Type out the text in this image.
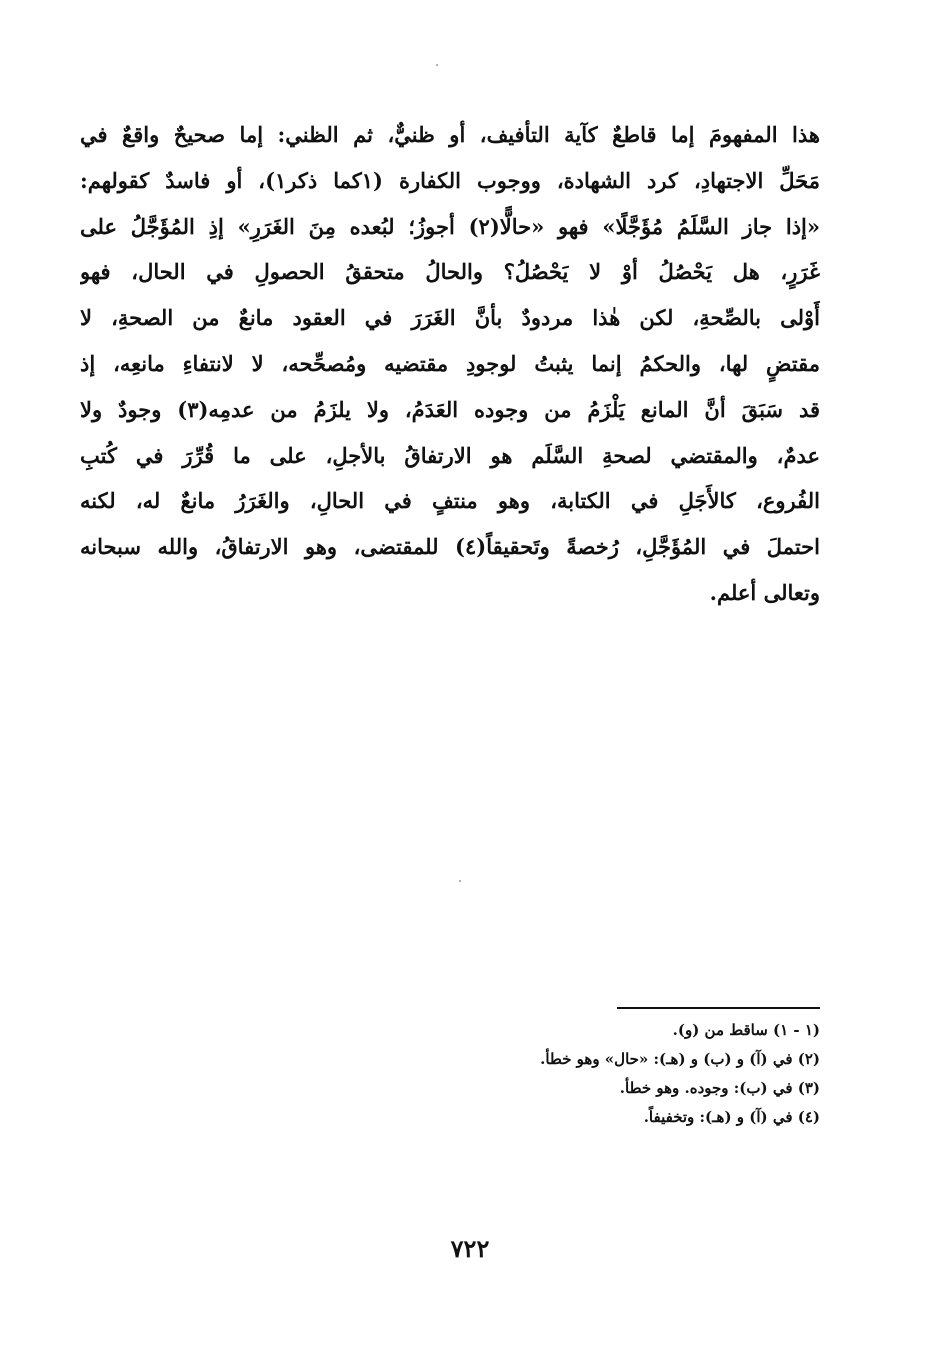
هذا المفهومَ إما قاطعٌ كآية التأفيف، أو ظنيٌّ، ثم الظني: إما صحيحٌ واقعٌ في
مَحَلِّ الاجتهادِ، كرد الشهادة، ووجوب الكفارة (١كما ذكر١)، أو فاسدٌ كقولهم:
«إذا جاز السَّلَمُ مُؤَجَّلًا» فهو «حالًّا(٢) أجوزُ؛ لبُعده مِنَ الغَرَرِ» إذِ المُؤَجَّلُ على
غَرَرٍ، هل يَحْصُلُ أوْ لا يَحْصُلُ؟ والحالُ متحققُ الحصولِ في الحال، فهو
أَوْلى بالصِّحةِ، لكن هٰذا مردودٌ بأنَّ الغَرَرَ في العقود مانعٌ من الصحةِ، لا
مقتضٍ لها، والحكمُ إنما يثبتُ لوجودِ مقتضيه ومُصحِّحه، لا لانتفاءِ مانعِه، إذ
قد سَبَقَ أنَّ المانع يَلْزَمُ من وجوده العَدَمُ، ولا يلزَمُ من عدمِه(٣) وجودٌ ولا
عدمٌ، والمقتضي لصحةِ السَّلَم هو الارتفاقُ بالأجلِ، على ما قُرِّرَ في كُتبِ
الفُروع، كالأَجَلِ في الكتابة، وهو منتفٍ في الحالِ، والغَرَرُ مانعٌ له، لكنه
احتملَ في المُؤَجَّلِ، رُخصةً وتَحقيقاً(٤) للمقتضى، وهو الارتفاقُ، والله سبحانه
وتعالى أعلم.
(١ - ١) ساقط من (و).
(٢) في (آ) و (ب) و (هـ): «حال» وهو خطأ.
(٣) في (ب): وجوده. وهو خطأ.
(٤) في (آ) و (هـ): وتخفيفاً.
٧٢٢
